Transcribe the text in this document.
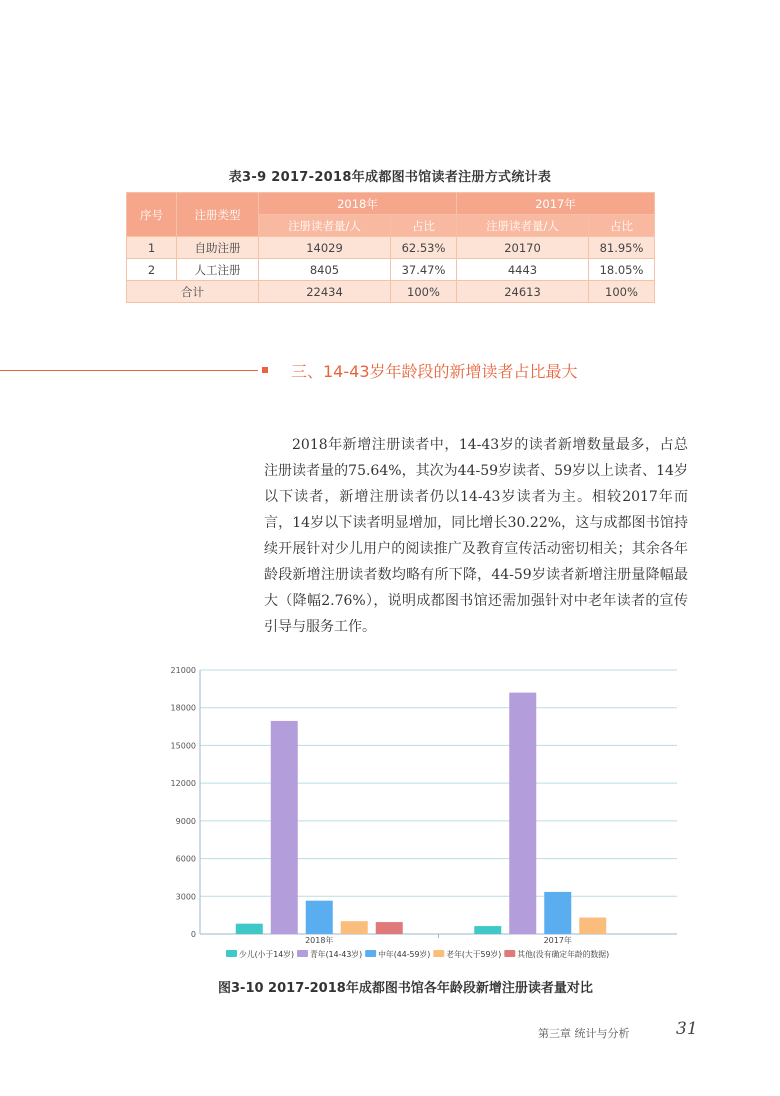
表3-9 2017-2018年成都图书馆读者注册方式统计表
序号	注册类型	2018年		2017年	
		注册读者量/人	占比	注册读者量/人	占比
1	自助注册	14029	62.53%	20170	81.95%
2	人工注册	8405	37.47%	4443	18.05%
合计		22434	100%	24613	100%
三、14-43岁年龄段的新增读者占比最大

2018年新增注册读者中，14-43岁的读者新增数量最多，占总注册读者量的75.64%，其次为44-59岁读者、59岁以上读者、14岁以下读者，新增注册读者仍以14-43岁读者为主。相较2017年而言，14岁以下读者明显增加，同比增长30.22%，这与成都图书馆持续开展针对少儿用户的阅读推广及教育宣传活动密切相关；其余各年龄段新增注册读者数均略有所下降，44-59岁读者新增注册量降幅最大（降幅2.76%），说明成都图书馆还需加强针对中老年读者的宣传引导与服务工作。

0
3000
6000
9000
12000
15000
18000
21000
2018年	2017年
少儿(小于14岁) 青年(14-43岁) 中年(44-59岁) 老年(大于59岁) 其他(没有确定年龄的数据)
图3-10 2017-2018年成都图书馆各年龄段新增注册读者量对比
第三章 统计与分析	31
